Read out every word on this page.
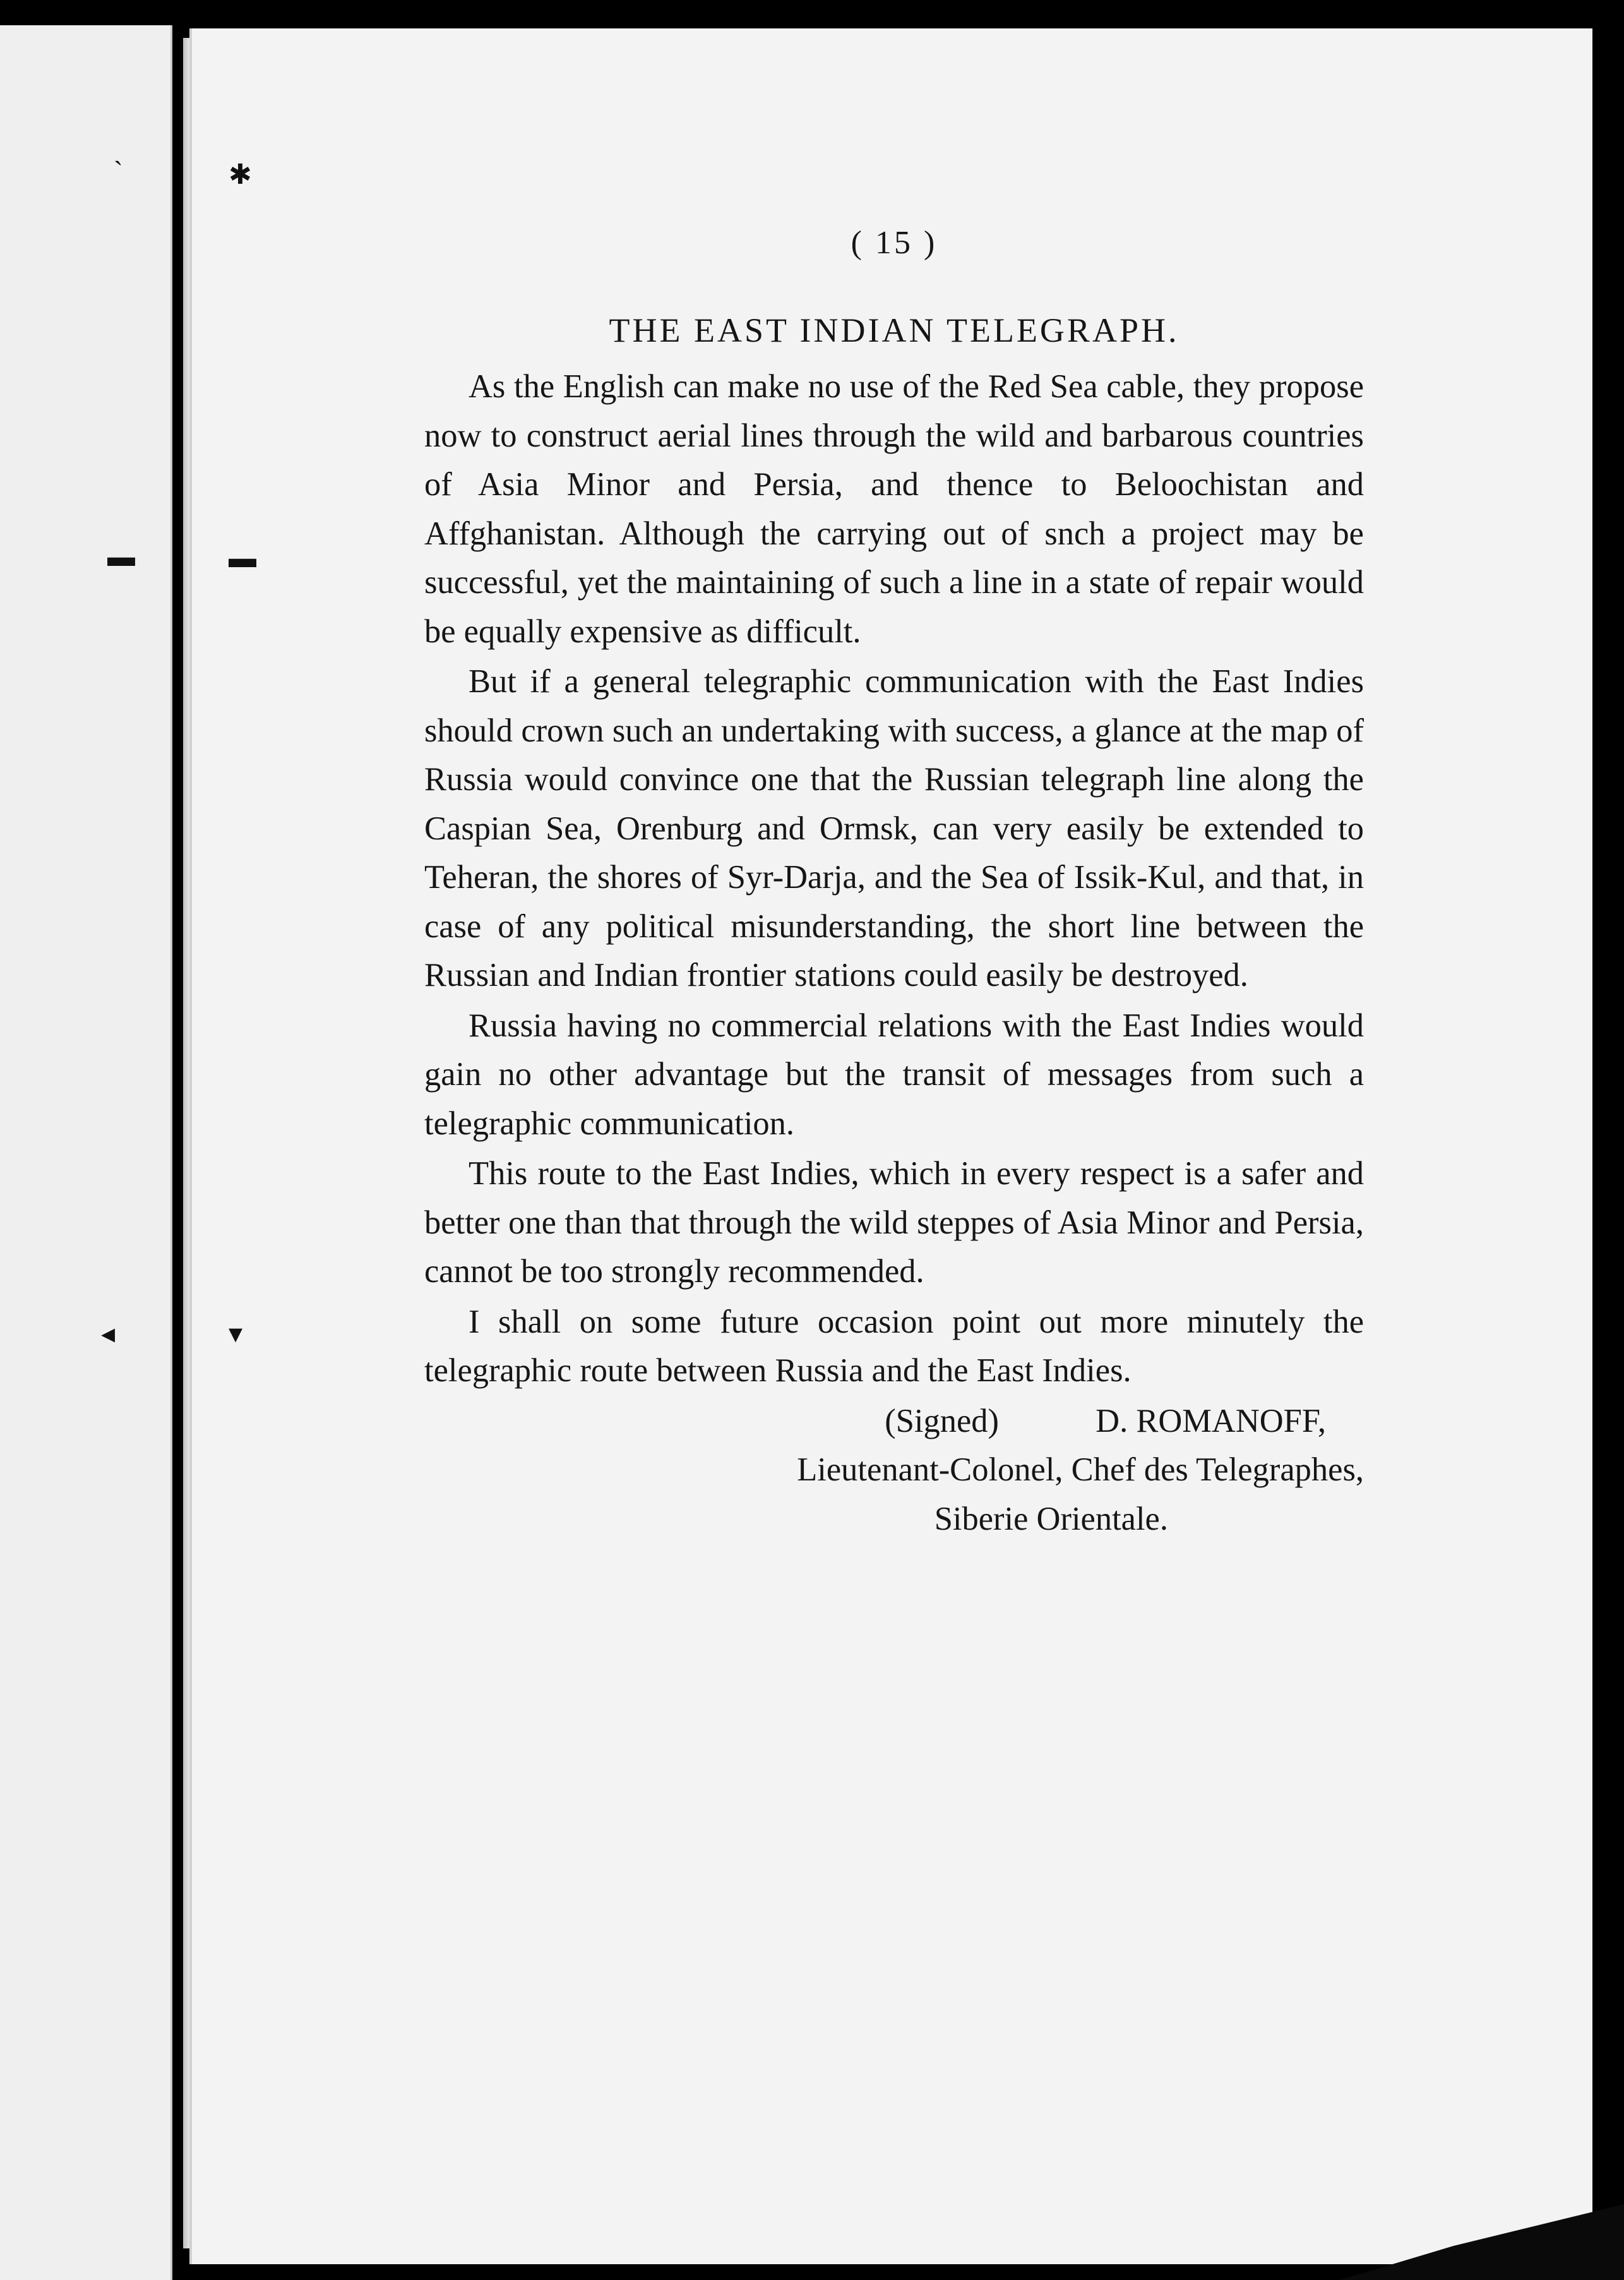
ˋ	✱
▬	▬
◂	▾
( 15 )
THE EAST INDIAN TELEGRAPH.

As the English can make no use of the Red Sea cable, they propose now to construct aerial lines through the wild and barbarous countries of Asia Minor and Persia, and thence to Beloochistan and Affghanistan. Although the carrying out of snch a project may be successful, yet the maintaining of such a line in a state of repair would be equally expensive as difficult.

But if a general telegraphic communication with the East Indies should crown such an undertaking with success, a glance at the map of Russia would convince one that the Russian telegraph line along the Caspian Sea, Orenburg and Ormsk, can very easily be extended to Teheran, the shores of Syr-Darja, and the Sea of Issik-Kul, and that, in case of any political misunderstanding, the short line between the Russian and Indian frontier stations could easily be destroyed.

Russia having no commercial relations with the East Indies would gain no other advantage but the transit of messages from such a telegraphic communication.

This route to the East Indies, which in every respect is a safer and better one than that through the wild steppes of Asia Minor and Persia, cannot be too strongly recommended.

I shall on some future occasion point out more minutely the telegraphic route between Russia and the East Indies.

(Signed)	D. ROMANOFF,
Lieutenant-Colonel, Chef des Telegraphes,
Siberie Orientale.
